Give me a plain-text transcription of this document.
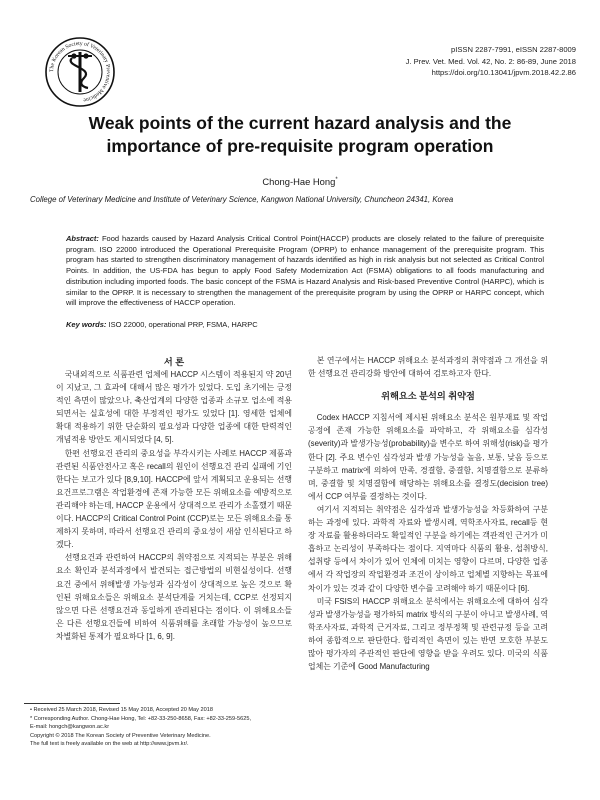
The Korean Society of Veterinary Preventive Medicine
pISSN 2287-7991, eISSN 2287-8009
J. Prev. Vet. Med. Vol. 42, No. 2: 86-89, June 2018
https://doi.org/10.13041/jpvm.2018.42.2.86
Weak points of the current hazard analysis and the
importance of pre-requisite program operation
Chong-Hae Hong*
College of Veterinary Medicine and Institute of Veterinary Science, Kangwon National University, Chuncheon 24341, Korea
Abstract: Food hazards caused by Hazard Analysis Critical Control Point(HACCP) products are closely related to the failure of prerequisite program. ISO 22000 introduced the Operational Prerequisite Program (OPRP) to enhance management of the prerequisite program. This program has started to strengthen discriminatory management of hazards identified as high in risk analysis but not selected as Critical Control Points. In addition, the US-FDA has begun to apply Food Safety Modernization Act (FSMA) obligations to all foods manufacturing and distribution including imported foods. The basic concept of the FSMA is Hazard Analysis and Risk-based Preventive Control (HARPC), which is similar to the OPRP. It is necessary to strengthen the management of the prerequisite program by using the OPRP or HARPC concept, which will improve the effectiveness of HACCP operation.
Key words: ISO 22000, operational PRP, FSMA, HARPC
서 론

국내외적으로 식품관련 업체에 HACCP 시스템이 적용된지 약 20년이 지났고, 그 효과에 대해서 많은 평가가 있었다. 도입 초기에는 긍정적인 측면이 많았으나, 축산업계의 다양한 업종과 소규모 업소에 적용되면서는 실효성에 대한 부정적인 평가도 있었다 [1]. 영세한 업체에 확대 적용하기 위한 단순화의 필요성과 다양한 업종에 대한 탄력적인 개념적용 방안도 제시되었다 [4, 5].

한편 선행요건 관리의 중요성을 부각시키는 사례로 HACCP 제품과 관련된 식품안전사고 혹은 recall의 원인이 선행요건 관리 실패에 기인한다는 보고가 있다 [8,9,10]. HACCP에 앞서 계획되고 운용되는 선행요건프로그램은 작업환경에 존재 가능한 모든 위해요소를 예방적으로 관리해야 하는데, HACCP 운용에서 상대적으로 관리가 소홀했기 때문이다. HACCP의 Critical Control Point (CCP)로는 모든 위해요소를 통제하지 못하며, 따라서 선행요건 관리의 중요성이 새삼 인식된다고 하겠다.

선행요건과 관련하여 HACCP의 취약점으로 지적되는 부분은 위해요소 확인과 분석과정에서 발견되는 접근방법의 비현실성이다. 선행요건 중에서 위해발생 가능성과 심각성이 상대적으로 높은 것으로 확인된 위해요소들은 위해요소 분석단계를 거치는데, CCP로 선정되지 않으면 다른 선행요건과 동일하게 관리된다는 점이다. 이 위해요소들은 다른 선행요건들에 비하여 식품위해를 초래할 가능성이 높으므로 차별화된 통제가 필요하다 [1, 6, 9].

본 연구에서는 HACCP 위해요소 분석과정의 취약점과 그 개선을 위한 선행요건 관리강화 방안에 대하여 검토하고자 한다.

위해요소 분석의 취약점

Codex HACCP 지침서에 제시된 위해요소 분석은 원부재료 및 작업공정에 존재 가능한 위해요소를 파악하고, 각 위해요소를 심각성(severity)과 발생가능성(probability)을 변수로 하여 위해성(risk)을 평가한다 [2]. 주요 변수인 심각성과 발생 가능성을 높음, 보통, 낮음 등으로 구분하고 matrix에 의하여 만족, 경결함, 중결함, 치명결함으로 분류하며, 중결함 및 치명결함에 해당하는 위해요소를 결정도(decision tree)에서 CCP 여부를 결정하는 것이다.

여기서 지적되는 취약점은 심각성과 발생가능성을 차등화하여 구분하는 과정에 있다. 과학적 자료와 발생시례, 역학조사자료, recall등 현장 자료를 활용하더라도 확일적인 구분을 하기에는 객관적인 근거가 미흡하고 논리성이 부족하다는 점이다. 지역마다 식품의 활용, 섭취방식, 섭취량 등에서 차이가 있어 인체에 미치는 영향이 다르며, 다양한 업종에서 각 작업장의 작업환경과 조건이 상이하고 업체별 지향하는 목표에 차이가 있는 것과 같이 다양한 변수를 고려해야 하기 때문이다 [6].

미국 FSIS의 HACCP 위해요소 분석에서는 위해요소에 대하여 심각성과 발생가능성을 평가하되 matrix 방식의 구분이 아니고 발생사례, 역학조사자료, 과학적 근거자료, 그리고 정부정책 및 관련규정 등을 고려하여 종합적으로 판단한다. 합리적인 측면이 있는 반면 모호한 부분도 많아 평가자의 주관적인 판단에 영향을 받을 우려도 있다. 미국의 식품업체는 기준에 Good Manufacturing

• Received 25 March 2018, Revised 15 May 2018, Accepted 20 May 2018
* Corresponding Author. Chong-Hae Hong, Tel: +82-33-250-8658, Fax: +82-33-259-5625,
E-mail: hongch@kangwon.ac.kr
Copyright © 2018 The Korean Society of Preventive Veterinary Medicine.
The full text is freely available on the web at http://www.jpvm.kr/.
